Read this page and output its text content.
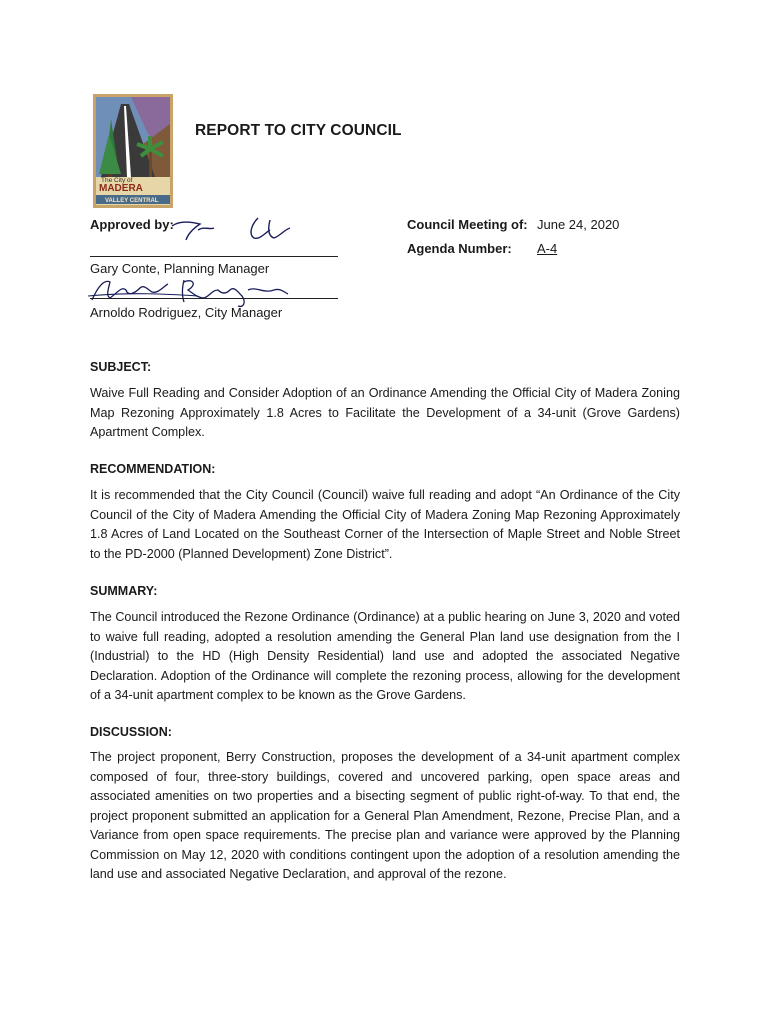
The City of
MADERA
VALLEY CENTRAL
REPORT TO CITY COUNCIL
Approved by:
Gary Conte, Planning Manager
Arnoldo Rodriguez, City Manager
Council Meeting of: June 24, 2020
Agenda Number: A-4
SUBJECT:

Waive Full Reading and Consider Adoption of an Ordinance Amending the Official City of Madera Zoning Map Rezoning Approximately 1.8 Acres to Facilitate the Development of a 34-unit (Grove Gardens) Apartment Complex.

RECOMMENDATION:

It is recommended that the City Council (Council) waive full reading and adopt “An Ordinance of the City Council of the City of Madera Amending the Official City of Madera Zoning Map Rezoning Approximately 1.8 Acres of Land Located on the Southeast Corner of the Intersection of Maple Street and Noble Street to the PD-2000 (Planned Development) Zone District”.

SUMMARY:

The Council introduced the Rezone Ordinance (Ordinance) at a public hearing on June 3, 2020 and voted to waive full reading, adopted a resolution amending the General Plan land use designation from the I (Industrial) to the HD (High Density Residential) land use and adopted the associated Negative Declaration. Adoption of the Ordinance will complete the rezoning process, allowing for the development of a 34-unit apartment complex to be known as the Grove Gardens.

DISCUSSION:

The project proponent, Berry Construction, proposes the development of a 34-unit apartment complex composed of four, three-story buildings, covered and uncovered parking, open space areas and associated amenities on two properties and a bisecting segment of public right-of-way. To that end, the project proponent submitted an application for a General Plan Amendment, Rezone, Precise Plan, and a Variance from open space requirements. The precise plan and variance were approved by the Planning Commission on May 12, 2020 with conditions contingent upon the adoption of a resolution amending the land use and associated Negative Declaration, and approval of the rezone.
